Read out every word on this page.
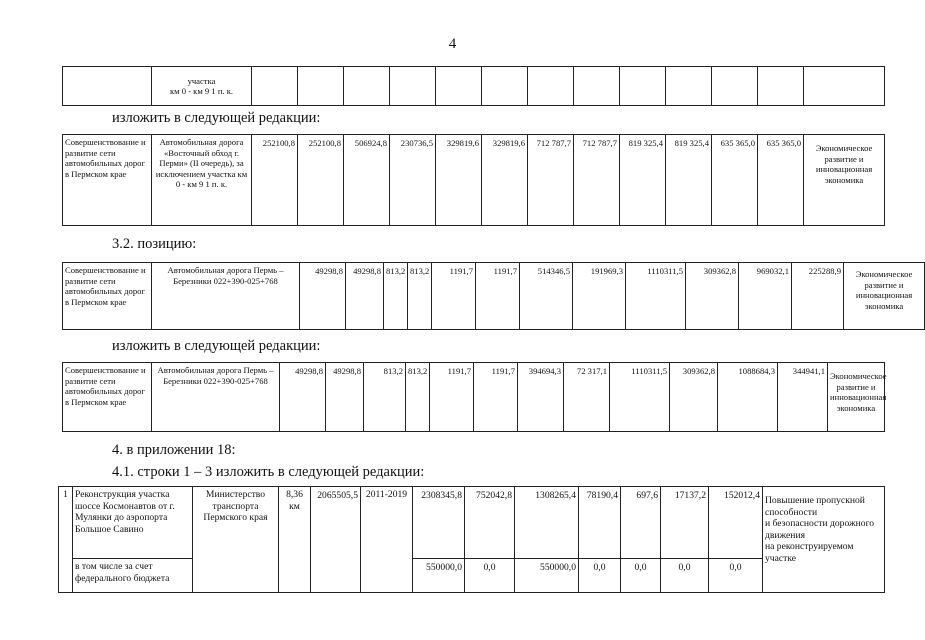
4
	участка
км 0 - км 9 1 п. к.													
изложить в следующей редакции:
Совершенствование и развитие сети автомобильных дорог в Пермском крае	Автомобильная дорога «Восточный обход г. Перми» (II очередь), за исключением участка км 0 - км 9 1 п. к.	252100,8	252100,8	506924,8	230736,5	329819,6	329819,6	712 787,7	712 787,7	819 325,4	819 325,4	635 365,0	635 365,0	Экономическое развитие и инновационная экономика
3.2. позицию:
Совершенствование и развитие сети автомобильных дорог в Пермском крае	Автомобильная дорога Пермь – Березники 022+390-025+768	49298,8	49298,8	813,2	813,2	1191,7	1191,7	514346,5	191969,3	1110311,5	309362,8	969032,1	225288,9	Экономическое развитие и инновационная экономика
изложить в следующей редакции:
Совершенствование и развитие сети автомобильных дорог в Пермском крае	Автомобильная дорога Пермь – Березники 022+390-025+768	49298,8	49298,8	813,2	813,2	1191,7	1191,7	394694,3	72 317,1	1110311,5	309362,8	1088684,3	344941,1	Экономическое развитие и инновационная экономика
4. в приложении 18:
4.1. строки 1 – 3 изложить в следующей редакции:
1	Реконструкция участка шоссе Космонавтов от г. Мулянки до аэропорта Большое Савино	Министерство транспорта Пермского края	8,36 км	2065505,5	2011-2019	2308345,8	752042,8	1308265,4	78190,4	697,6	17137,2	152012,4	Повышение пропускной способности
и безопасности дорожного движения
на реконструируемом участке
	в том числе за счет федерального бюджета					550000,0	0,0	550000,0	0,0	0,0	0,0	0,0	
